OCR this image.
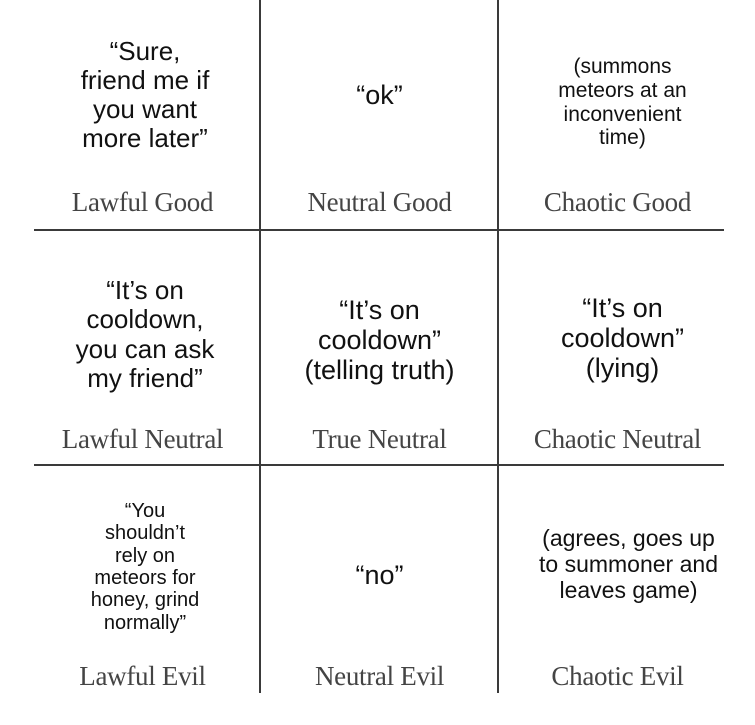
“Sure,
friend me if
you want
more later”
Lawful Good
“ok”
Neutral Good
(summons
meteors at an
inconvenient
time)
Chaotic Good
“It’s on
cooldown,
you can ask
my friend”
Lawful Neutral
“It’s on
cooldown”
(telling truth)
True Neutral
“It’s on
cooldown”
(lying)
Chaotic Neutral
“You
shouldn’t
rely on
meteors for
honey, grind
normally”
Lawful Evil
“no”
Neutral Evil
(agrees, goes up
to summoner and
leaves game)
Chaotic Evil
